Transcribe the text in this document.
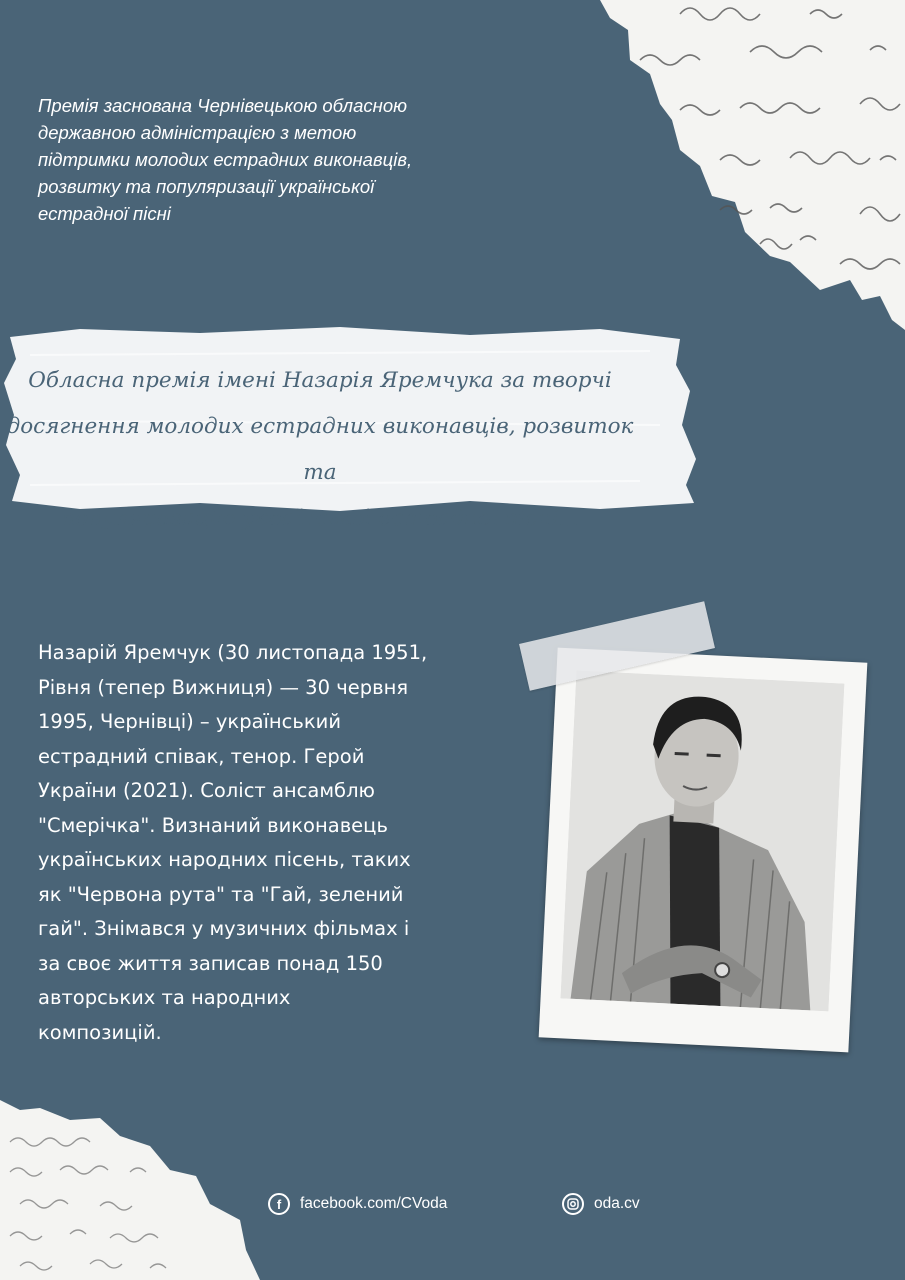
Премія заснована Чернівецькою обласною
державною адміністрацією з метою
підтримки молодих естрадних виконавців,
розвитку та популяризації української
естрадної пісні
Обласна премія імені Назарія Яремчука за творчі
досягнення молодих естрадних виконавців, розвиток та
популяризацію української естрадної пісні...
Назарій Яремчук (30 листопада 1951,
Рівня (тепер Вижниця) — 30 червня
1995, Чернівці) – український
естрадний співак, тенор. Герой
України (2021). Соліст ансамблю
"Смерічка". Визнаний виконавець
українських народних пісень, таких
як "Червона рута" та "Гай, зелений
гай". Знімався у музичних фільмах і
за своє життя записав понад 150
авторських та народних
композицій.
f	facebook.com/CVoda	oda.cv
